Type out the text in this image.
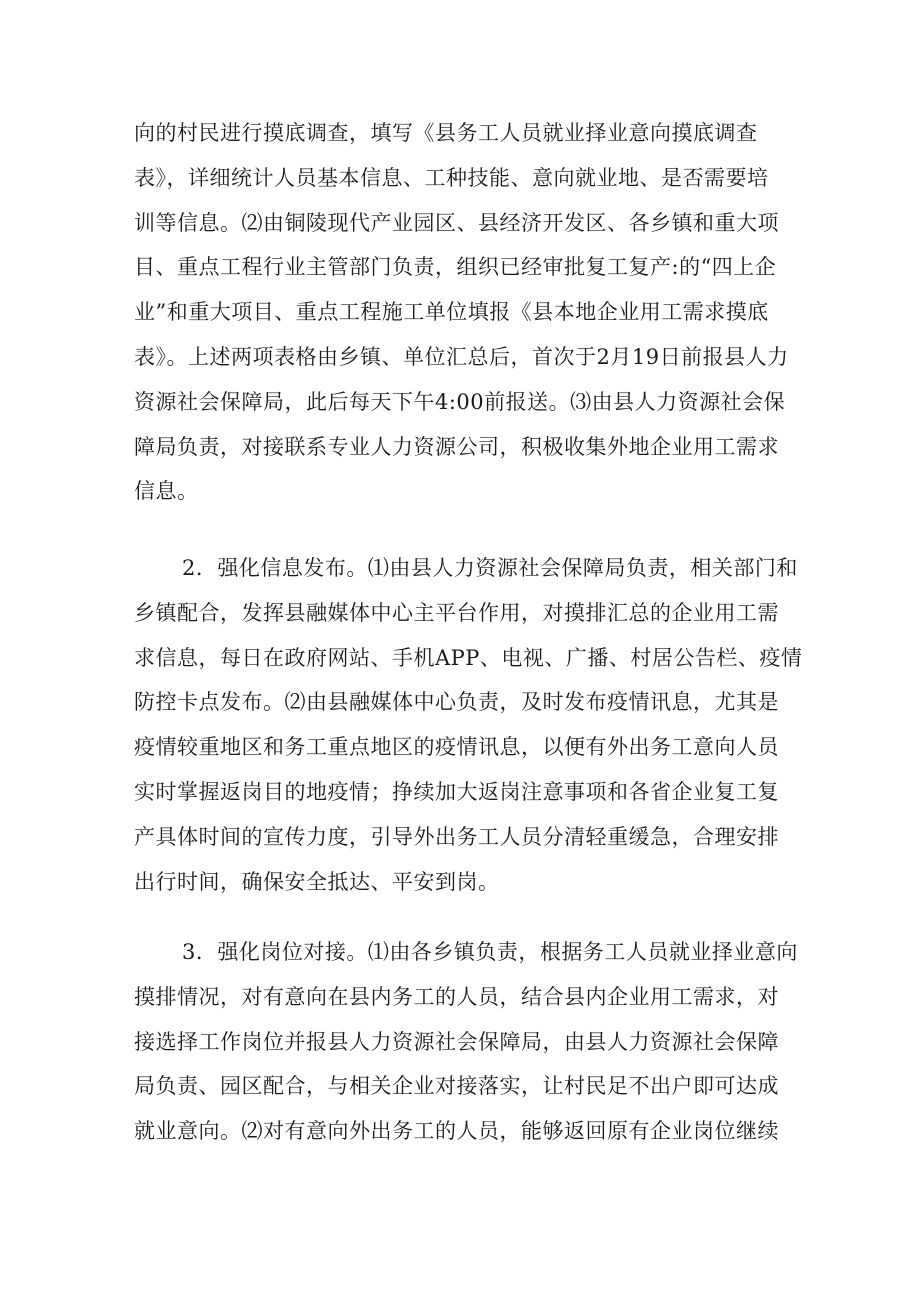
向的村民进行摸底调查，填写《县务工人员就业择业意向摸底调查
表》，详细统计人员基本信息、工种技能、意向就业地、是否需要培
训等信息。⑵由铜陵现代产业园区、县经济开发区、各乡镇和重大项
目、重点工程行业主管部门负责，组织已经审批复工复产:的“四上企
业”和重大项目、重点工程施工单位填报《县本地企业用工需求摸底
表》。上述两项表格由乡镇、单位汇总后，首次于2月19日前报县人力
资源社会保障局，此后每天下午4:00前报送。⑶由县人力资源社会保
障局负责，对接联系专业人力资源公司，积极收集外地企业用工需求
信息。
2．强化信息发布。⑴由县人力资源社会保障局负责，相关部门和
乡镇配合，发挥县融媒体中心主平台作用，对摸排汇总的企业用工需
求信息，每日在政府网站、手机APP、电视、广播、村居公告栏、疫情
防控卡点发布。⑵由县融媒体中心负责，及时发布疫情讯息，尤其是
疫情较重地区和务工重点地区的疫情讯息，以便有外出务工意向人员
实时掌握返岗目的地疫情；挣续加大返岗注意事项和各省企业复工复
产具体时间的宣传力度，引导外出务工人员分清轻重缓急，合理安排
出行时间，确保安全抵达、平安到岗。
3．强化岗位对接。⑴由各乡镇负责，根据务工人员就业择业意向
摸排情况，对有意向在县内务工的人员，结合县内企业用工需求，对
接选择工作岗位并报县人力资源社会保障局，由县人力资源社会保障
局负责、园区配合，与相关企业对接落实，让村民足不出户即可达成
就业意向。⑵对有意向外出务工的人员，能够返回原有企业岗位继续
